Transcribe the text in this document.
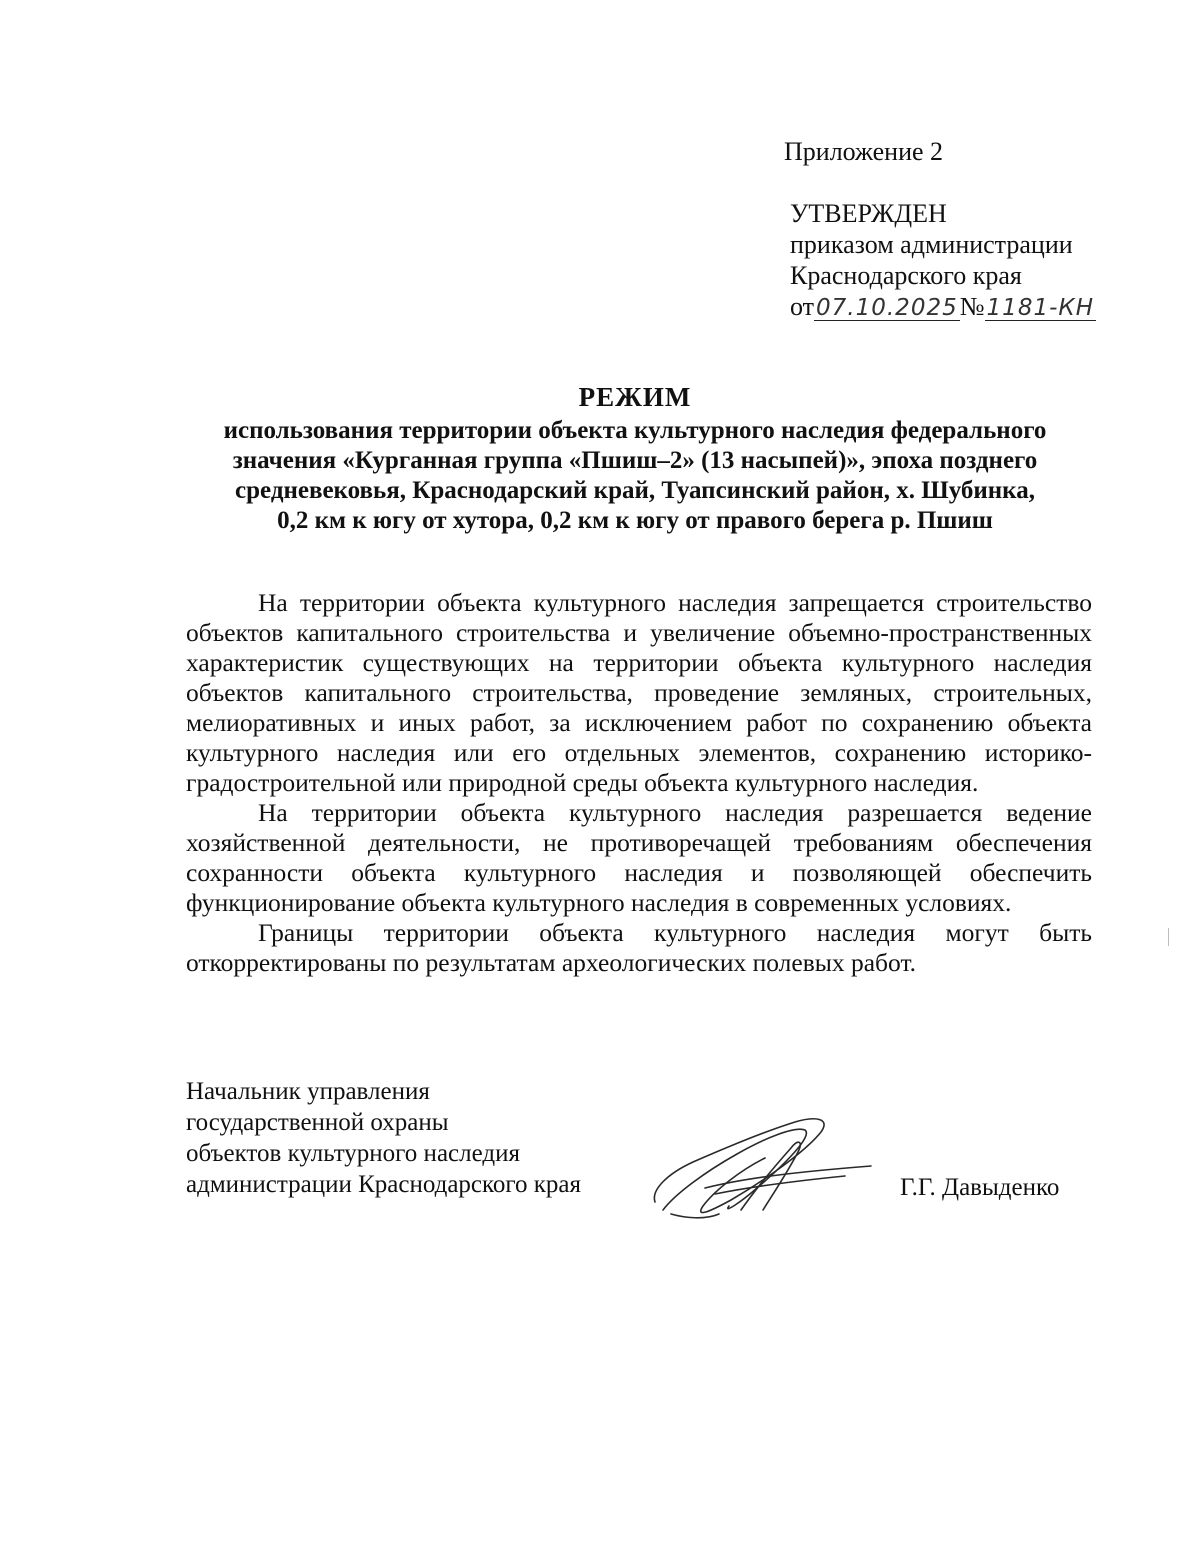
Приложение 2
УТВЕРЖДЕН
приказом администрации
Краснодарского края
от07.10.2025№1181-КН
РЕЖИМ
использования территории объекта культурного наследия федерального
значения «Курганная группа «Пшиш–2» (13 насыпей)», эпоха позднего
средневековья, Краснодарский край, Туапсинский район, х. Шубинка,
0,2 км к югу от хутора, 0,2 км к югу от правого берега р. Пшиш

На территории объекта культурного наследия запрещается строительство объектов капитального строительства и увеличение объемно-пространственных характеристик существующих на территории объекта культурного наследия объектов капитального строительства, проведение земляных, строительных, мелиоративных и иных работ, за исключением работ по сохранению объекта культурного наследия или его отдельных элементов, сохранению историко-градостроительной или природной среды объекта культурного наследия.

На территории объекта культурного наследия разрешается ведение хозяйственной деятельности, не противоречащей требованиям обеспечения сохранности объекта культурного наследия и позволяющей обеспечить функционирование объекта культурного наследия в современных условиях.

Границы территории объекта культурного наследия могут быть откорректированы по результатам археологических полевых работ.

Начальник управления
государственной охраны
объектов культурного наследия
администрации Краснодарского края	Г.Г. Давыденко
